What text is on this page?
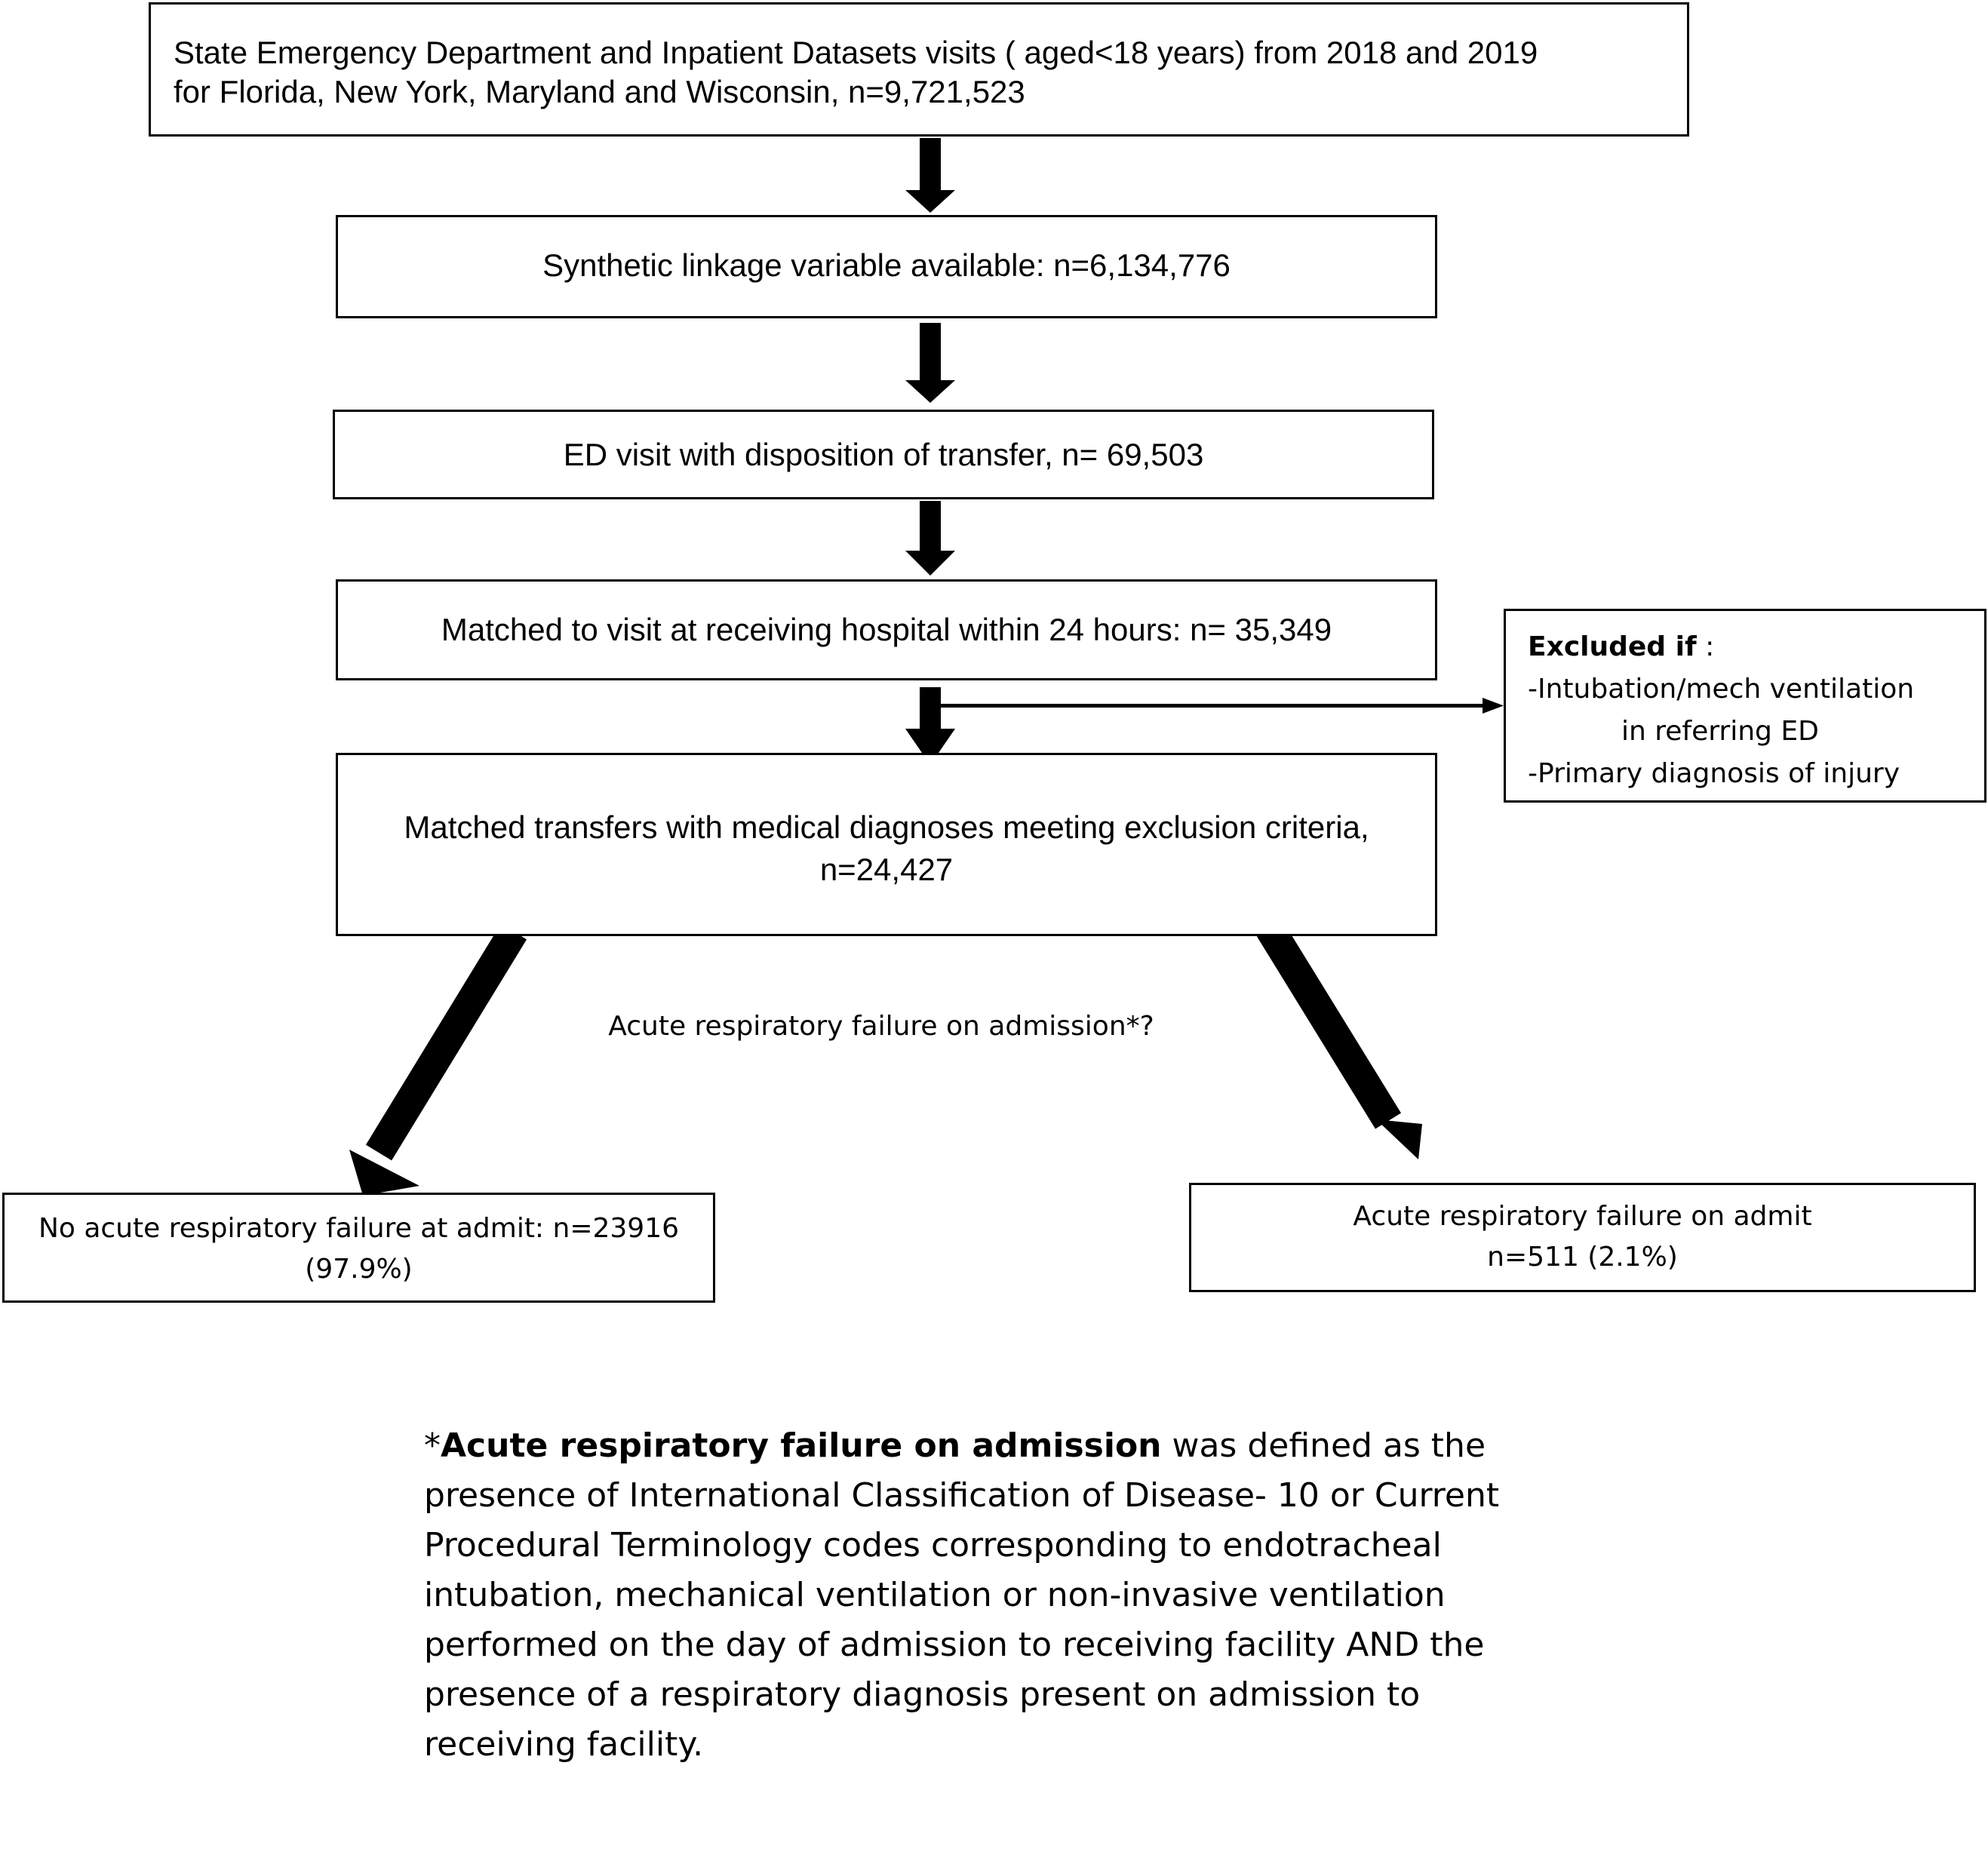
State Emergency Department and Inpatient Datasets visits ( aged<18 years) from 2018 and 2019
for Florida, New York, Maryland and Wisconsin, n=9,721,523
Synthetic linkage variable available: n=6,134,776
ED visit with disposition of transfer, n= 69,503
Matched to visit at receiving hospital within 24 hours: n= 35,349
Matched transfers with medical diagnoses meeting exclusion criteria,
n=24,427
Excluded if :
-Intubation/mech ventilation
in referring ED
-Primary diagnosis of injury
Acute respiratory failure on admission*?
No acute respiratory failure at admit: n=23916
(97.9%)
Acute respiratory failure on admit
n=511 (2.1%)
*Acute respiratory failure on admission was defined as the
presence of International Classification of Disease- 10 or Current
Procedural Terminology codes corresponding to endotracheal
intubation, mechanical ventilation or non-invasive ventilation
performed on the day of admission to receiving facility AND the
presence of a respiratory diagnosis present on admission to
receiving facility.
